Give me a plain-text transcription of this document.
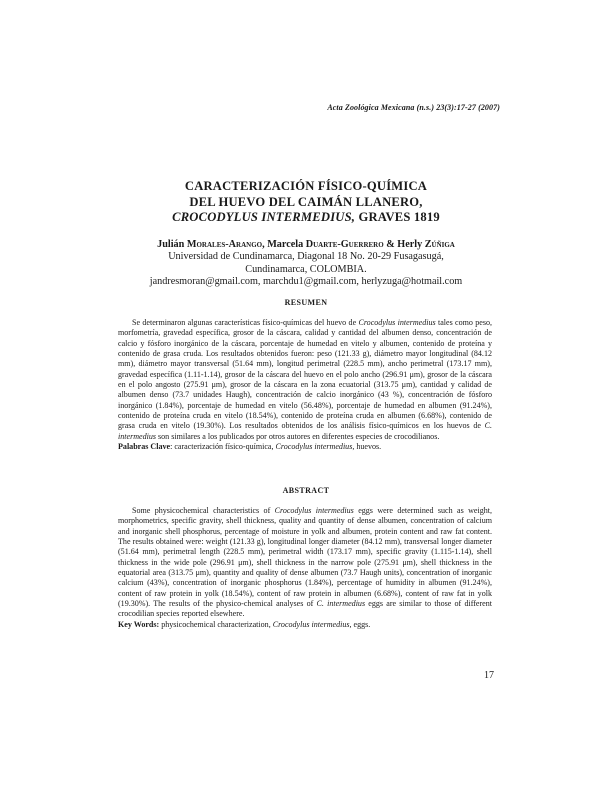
Acta Zoológica Mexicana (n.s.) 23(3):17-27 (2007)
CARACTERIZACIÓN FÍSICO-QUÍMICA
DEL HUEVO DEL CAIMÁN LLANERO,
CROCODYLUS INTERMEDIUS, GRAVES 1819
Julián Morales-Arango, Marcela Duarte-Guerrero & Herly Zúñiga
Universidad de Cundinamarca, Diagonal 18 No. 20-29 Fusagasugá,
Cundinamarca, COLOMBIA.
jandresmoran@gmail.com, marchdu1@gmail.com, herlyzuga@hotmail.com
RESUMEN

Se determinaron algunas características físico-químicas del huevo de Crocodylus intermedius tales como peso, morfometría, gravedad específica, grosor de la cáscara, calidad y cantidad del albumen denso, concentración de calcio y fósforo inorgánico de la cáscara, porcentaje de humedad en vitelo y albumen, contenido de proteína y contenido de grasa cruda. Los resultados obtenidos fueron: peso (121.33 g), diámetro mayor longitudinal (84.12 mm), diámetro mayor transversal (51.64 mm), longitud perimetral (228.5 mm), ancho perimetral (173.17 mm), gravedad específica (1.11-1.14), grosor de la cáscara del huevo en el polo ancho (296.91 μm), grosor de la cáscara en el polo angosto (275.91 μm), grosor de la cáscara en la zona ecuatorial (313.75 μm), cantidad y calidad de albumen denso (73.7 unidades Haugh), concentración de calcio inorgánico (43 %), concentración de fósforo inorgánico (1.84%), porcentaje de humedad en vitelo (56.48%), porcentaje de humedad en albumen (91.24%), contenido de proteína cruda en vitelo (18.54%), contenido de proteína cruda en albumen (6.68%), contenido de grasa cruda en vitelo (19.30%). Los resultados obtenidos de los análisis físico-químicos en los huevos de C. intermedius son similares a los publicados por otros autores en diferentes especies de crocodilianos.

Palabras Clave: caracterización físico-química, Crocodylus intermedius, huevos.

ABSTRACT

Some physicochemical characteristics of Crocodylus intermedius eggs were determined such as weight, morphometrics, specific gravity, shell thickness, quality and quantity of dense albumen, concentration of calcium and inorganic shell phosphorus, percentage of moisture in yolk and albumen, protein content and raw fat content. The results obtained were: weight (121.33 g), longitudinal longer diameter (84.12 mm), transversal longer diameter (51.64 mm), perimetral length (228.5 mm), perimetral width (173.17 mm), specific gravity (1.115-1.14), shell thickness in the wide pole (296.91 μm), shell thickness in the narrow pole (275.91 μm), shell thickness in the equatorial area (313.75 μm), quantity and quality of dense albumen (73.7 Haugh units), concentration of inorganic calcium (43%), concentration of inorganic phosphorus (1.84%), percentage of humidity in albumen (91.24%), content of raw protein in yolk (18.54%), content of raw protein in albumen (6.68%), content of raw fat in yolk (19.30%). The results of the physico-chemical analyses of C. intermedius eggs are similar to those of different crocodilian species reported elsewhere.

Key Words: physicochemical characterization, Crocodylus intermedius, eggs.

17
